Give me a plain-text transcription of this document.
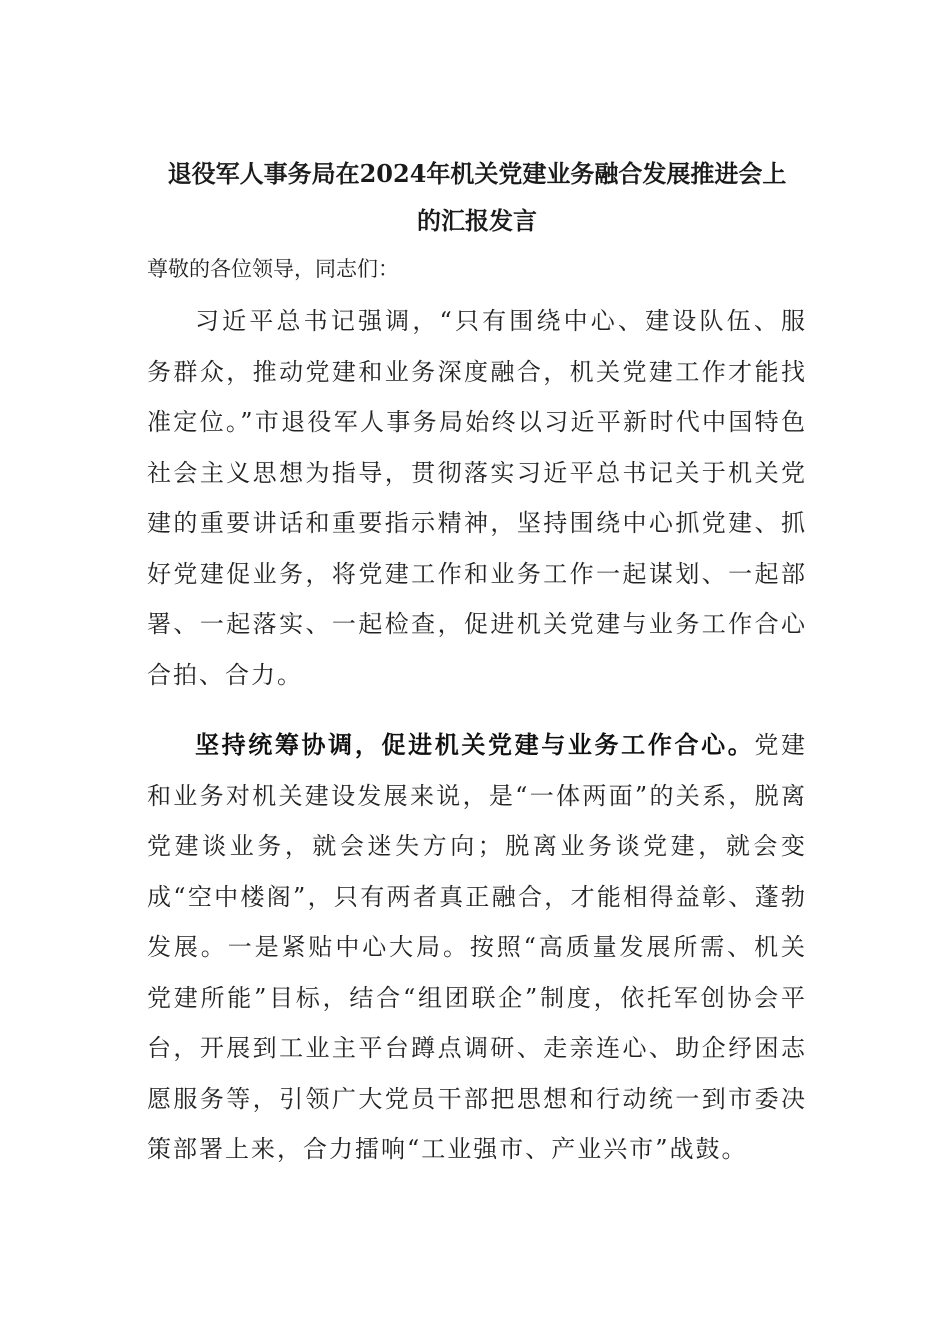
退役军人事务局在2024年机关党建业务融合发展推进会上
的汇报发言

尊敬的各位领导，同志们：

习近平总书记强调，“只有围绕中心、建设队伍、服务群众，推动党建和业务深度融合，机关党建工作才能找准定位。”市退役军人事务局始终以习近平新时代中国特色社会主义思想为指导，贯彻落实习近平总书记关于机关党建的重要讲话和重要指示精神，坚持围绕中心抓党建、抓好党建促业务，将党建工作和业务工作一起谋划、一起部署、一起落实、一起检查，促进机关党建与业务工作合心合拍、合力。

坚持统筹协调，促进机关党建与业务工作合心。党建和业务对机关建设发展来说，是“一体两面”的关系，脱离党建谈业务，就会迷失方向；脱离业务谈党建，就会变成“空中楼阁”，只有两者真正融合，才能相得益彰、蓬勃发展。一是紧贴中心大局。按照“高质量发展所需、机关党建所能”目标，结合“组团联企”制度，依托军创协会平台，开展到工业主平台蹲点调研、走亲连心、助企纾困志愿服务等，引领广大党员干部把思想和行动统一到市委决策部署上来，合力擂响“工业强市、产业兴市”战鼓。
